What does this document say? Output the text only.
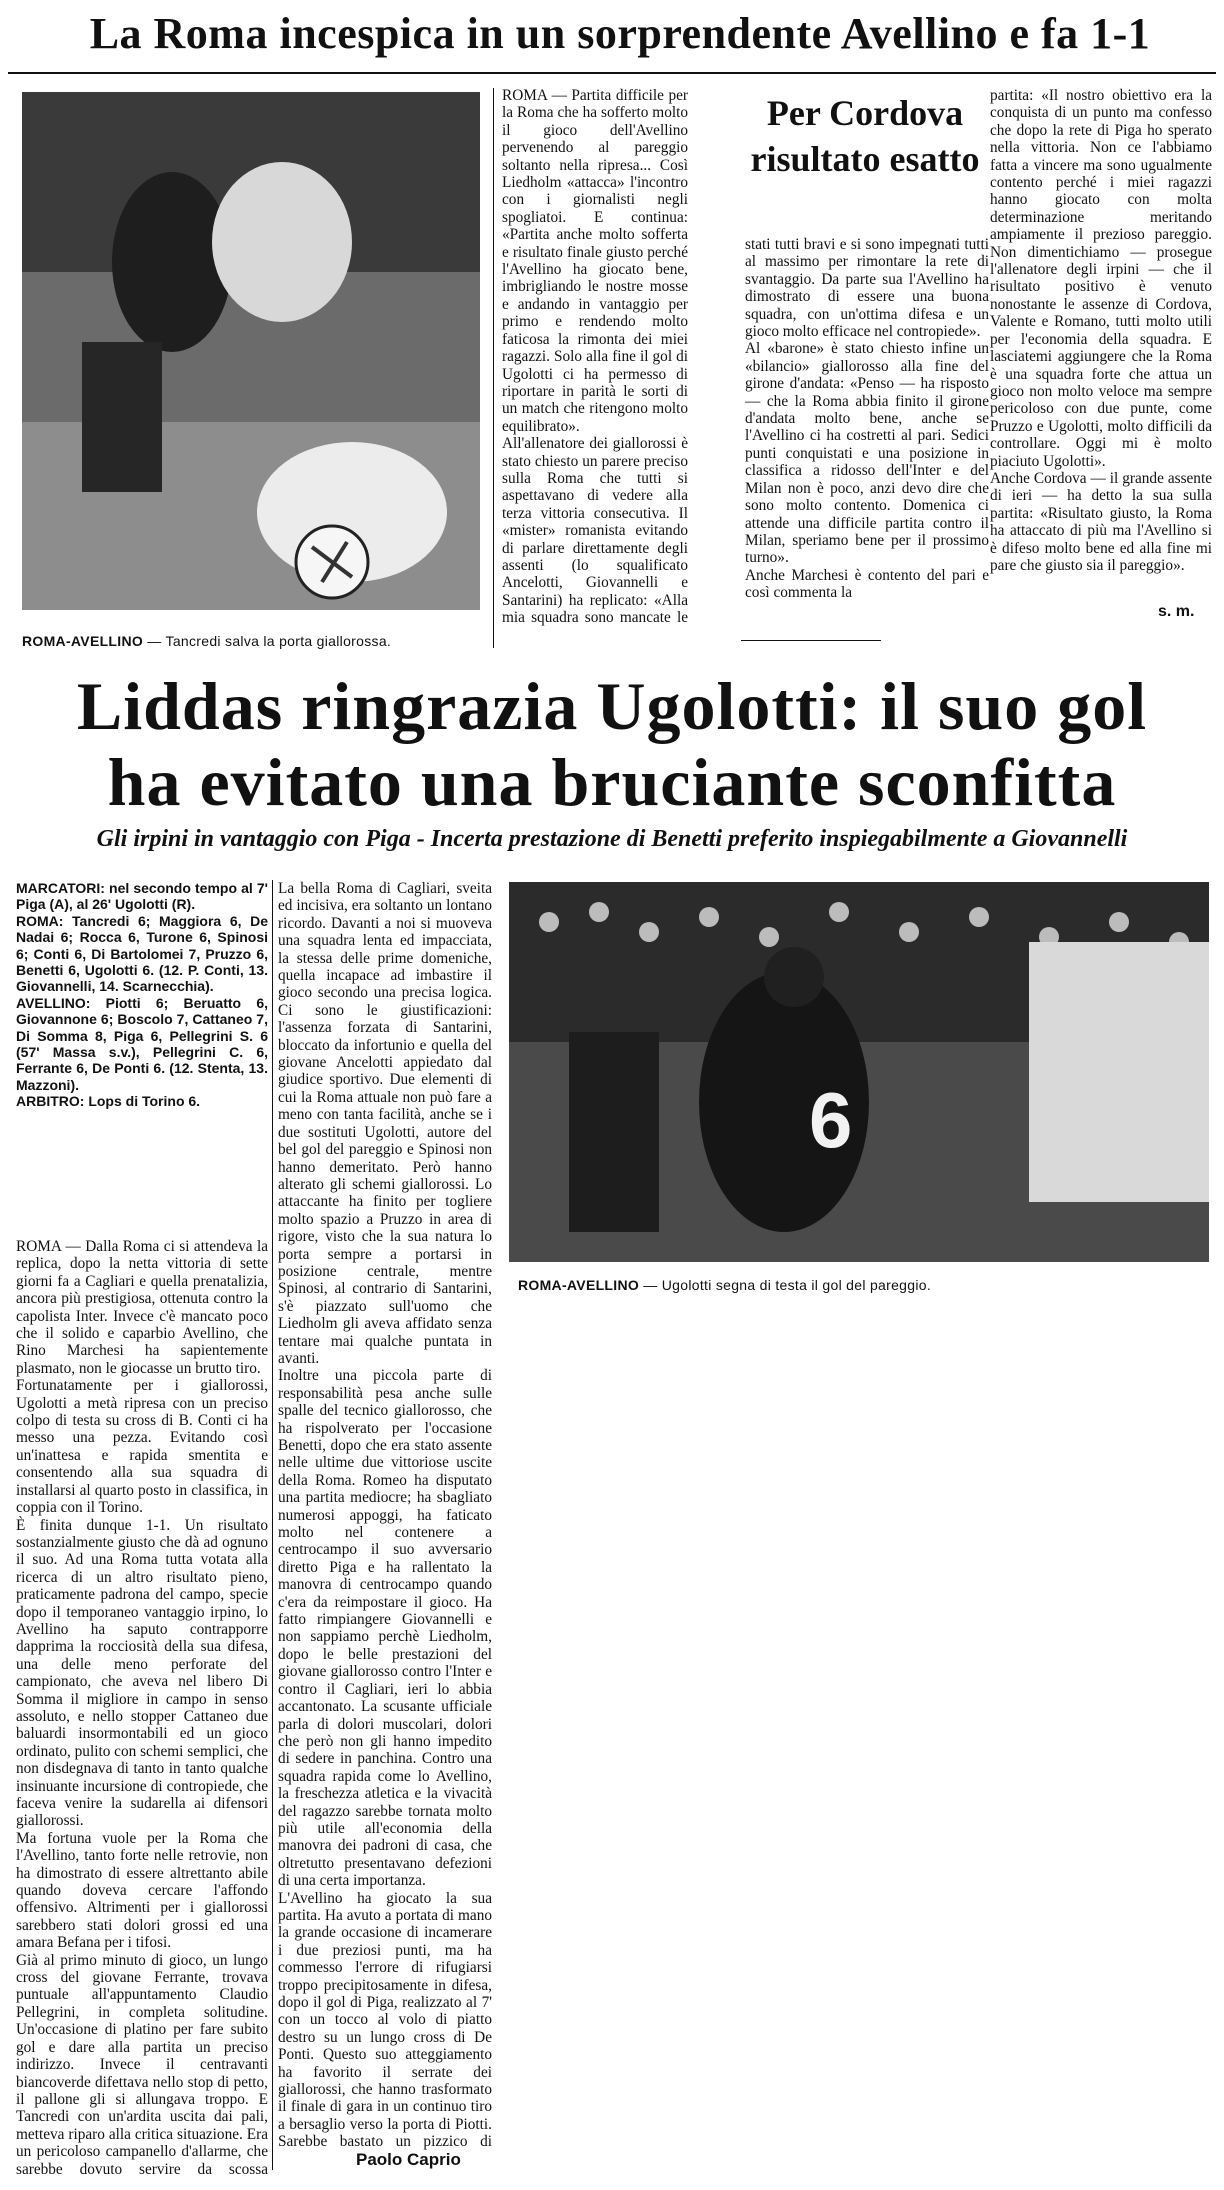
La Roma incespica in un sorprendente Avellino e fa 1-1
ROMA-AVELLINO — Tancredi salva la porta giallorossa.
ROMA — Partita difficile per la Roma che ha sofferto molto il gioco dell'Avellino pervenendo al pareggio soltanto nella ripresa... Così Liedholm «attacca» l'incontro con i giornalisti negli spogliatoi. E continua: «Partita anche molto sofferta e risultato finale giusto perché l'Avellino ha giocato bene, imbrigliando le nostre mosse e andando in vantaggio per primo e rendendo molto faticosa la rimonta dei miei ragazzi. Solo alla fine il gol di Ugolotti ci ha permesso di riportare in parità le sorti di un match che ritengono molto equilibrato».
All'allenatore dei giallorossi è stato chiesto un parere preciso sulla Roma che tutti si aspettavano di vedere alla terza vittoria consecutiva. Il «mister» romanista evitando di parlare direttamente degli assenti (lo squalificato Ancelotti, Giovannelli e Santarini) ha replicato: «Alla mia squadra sono mancate le
Per Cordova risultato esatto
stati tutti bravi e si sono impegnati tutti al massimo per rimontare la rete di svantaggio. Da parte sua l'Avellino ha dimostrato di essere una buona squadra, con un'ottima difesa e un gioco molto efficace nel contropiede».
Al «barone» è stato chiesto infine un «bilancio» giallorosso alla fine del girone d'andata: «Penso — ha risposto — che la Roma abbia finito il girone d'andata molto bene, anche se l'Avellino ci ha costretti al pari. Sedici punti conquistati e una posizione in classifica a ridosso dell'Inter e del Milan non è poco, anzi devo dire che sono molto contento. Domenica ci attende una difficile partita contro il Milan, speriamo bene per il prossimo turno».
Anche Marchesi è contento del pari e così commenta la
partita: «Il nostro obiettivo era la conquista di un punto ma confesso che dopo la rete di Piga ho sperato nella vittoria. Non ce l'abbiamo fatta a vincere ma sono ugualmente contento perché i miei ragazzi hanno giocato con molta determinazione meritando ampiamente il prezioso pareggio. Non dimentichiamo — prosegue l'allenatore degli irpini — che il risultato positivo è venuto nonostante le assenze di Cordova, Valente e Romano, tutti molto utili per l'economia della squadra. E lasciatemi aggiungere che la Roma è una squadra forte che attua un gioco non molto veloce ma sempre pericoloso con due punte, come Pruzzo e Ugolotti, molto difficili da controllare. Oggi mi è molto piaciuto Ugolotti».
Anche Cordova — il grande assente di ieri — ha detto la sua sulla partita: «Risultato giusto, la Roma ha attaccato di più ma l'Avellino si è difeso molto bene ed alla fine mi pare che giusto sia il pareggio».
s. m.
Liddas ringrazia Ugolotti: il suo gol
ha evitato una bruciante sconfitta
Gli irpini in vantaggio con Piga - Incerta prestazione di Benetti preferito inspiegabilmente a Giovannelli
MARCATORI: nel secondo tempo al 7' Piga (A), al 26' Ugolotti (R).
ROMA: Tancredi 6; Maggiora 6, De Nadai 6; Rocca 6, Turone 6, Spinosi 6; Conti 6, Di Bartolomei 7, Pruzzo 6, Benetti 6, Ugolotti 6. (12. P. Conti, 13. Giovannelli, 14. Scarnecchia).
AVELLINO: Piotti 6; Beruatto 6, Giovannone 6; Boscolo 7, Cattaneo 7, Di Somma 8, Piga 6, Pellegrini S. 6 (57' Massa s.v.), Pellegrini C. 6, Ferrante 6, De Ponti 6. (12. Stenta, 13. Mazzoni).
ARBITRO: Lops di Torino 6.
ROMA — Dalla Roma ci si attendeva la replica, dopo la netta vittoria di sette giorni fa a Cagliari e quella prenatalizia, ancora più prestigiosa, ottenuta contro la capolista Inter. Invece c'è mancato poco che il solido e caparbio Avellino, che Rino Marchesi ha sapientemente plasmato, non le giocasse un brutto tiro.
Fortunatamente per i giallorossi, Ugolotti a metà ripresa con un preciso colpo di testa su cross di B. Conti ci ha messo una pezza. Evitando così un'inattesa e rapida smentita e consentendo alla sua squadra di installarsi al quarto posto in classifica, in coppia con il Torino.
È finita dunque 1-1. Un risultato sostanzialmente giusto che dà ad ognuno il suo. Ad una Roma tutta votata alla ricerca di un altro risultato pieno, praticamente padrona del campo, specie dopo il temporaneo vantaggio irpino, lo Avellino ha saputo contrapporre dapprima la rocciosità della sua difesa, una delle meno perforate del campionato, che aveva nel libero Di Somma il migliore in campo in senso assoluto, e nello stopper Cattaneo due baluardi insormontabili ed un gioco ordinato, pulito con schemi semplici, che non disdegnava di tanto in tanto qualche insinuante incursione di contropiede, che faceva venire la sudarella ai difensori giallorossi.
Ma fortuna vuole per la Roma che l'Avellino, tanto forte nelle retrovie, non ha dimostrato di essere altrettanto abile quando doveva cercare l'affondo offensivo. Altrimenti per i giallorossi sarebbero stati dolori grossi ed una amara Befana per i tifosi.
Già al primo minuto di gioco, un lungo cross del giovane Ferrante, trovava puntuale all'appuntamento Claudio Pellegrini, in completa solitudine. Un'occasione di platino per fare subito gol e dare alla partita un preciso indirizzo. Invece il centravanti biancoverde difettava nello stop di petto, il pallone gli si allungava troppo. E Tancredi con un'ardita uscita dai pali, metteva riparo alla critica situazione. Era un pericoloso campanello d'allarme, che sarebbe dovuto servire da scossa
La bella Roma di Cagliari, sveita ed incisiva, era soltanto un lontano ricordo. Davanti a noi si muoveva una squadra lenta ed impacciata, la stessa delle prime domeniche, quella incapace ad imbastire il gioco secondo una precisa logica. Ci sono le giustificazioni: l'assenza forzata di Santarini, bloccato da infortunio e quella del giovane Ancelotti appiedato dal giudice sportivo. Due elementi di cui la Roma attuale non può fare a meno con tanta facilità, anche se i due sostituti Ugolotti, autore del bel gol del pareggio e Spinosi non hanno demeritato. Però hanno alterato gli schemi giallorossi. Lo attaccante ha finito per togliere molto spazio a Pruzzo in area di rigore, visto che la sua natura lo porta sempre a portarsi in posizione centrale, mentre Spinosi, al contrario di Santarini, s'è piazzato sull'uomo che Liedholm gli aveva affidato senza tentare mai qualche puntata in avanti.
Inoltre una piccola parte di responsabilità pesa anche sulle spalle del tecnico giallorosso, che ha rispolverato per l'occasione Benetti, dopo che era stato assente nelle ultime due vittoriose uscite della Roma. Romeo ha disputato una partita mediocre; ha sbagliato numerosi appoggi, ha faticato molto nel contenere a centrocampo il suo avversario diretto Piga e ha rallentato la manovra di centrocampo quando c'era da reimpostare il gioco. Ha fatto rimpiangere Giovannelli e non sappiamo perchè Liedholm, dopo le belle prestazioni del giovane giallorosso contro l'Inter e contro il Cagliari, ieri lo abbia accantonato. La scusante ufficiale parla di dolori muscolari, dolori che però non gli hanno impedito di sedere in panchina. Contro una squadra rapida come lo Avellino, la freschezza atletica e la vivacità del ragazzo sarebbe tornata molto più utile all'economia della manovra dei padroni di casa, che oltretutto presentavano defezioni di una certa importanza.
L'Avellino ha giocato la sua partita. Ha avuto a portata di mano la grande occasione di incamerare i due preziosi punti, ma ha commesso l'errore di rifugiarsi troppo precipitosamente in difesa, dopo il gol di Piga, realizzato al 7' con un tocco al volo di piatto destro su un lungo cross di De Ponti. Questo suo atteggiamento ha favorito il serrate dei giallorossi, che hanno trasformato il finale di gara in un continuo tiro a bersaglio verso la porta di Piotti. Sarebbe bastato un pizzico di
Paolo Caprio
6
ROMA-AVELLINO — Ugolotti segna di testa il gol del pareggio.
